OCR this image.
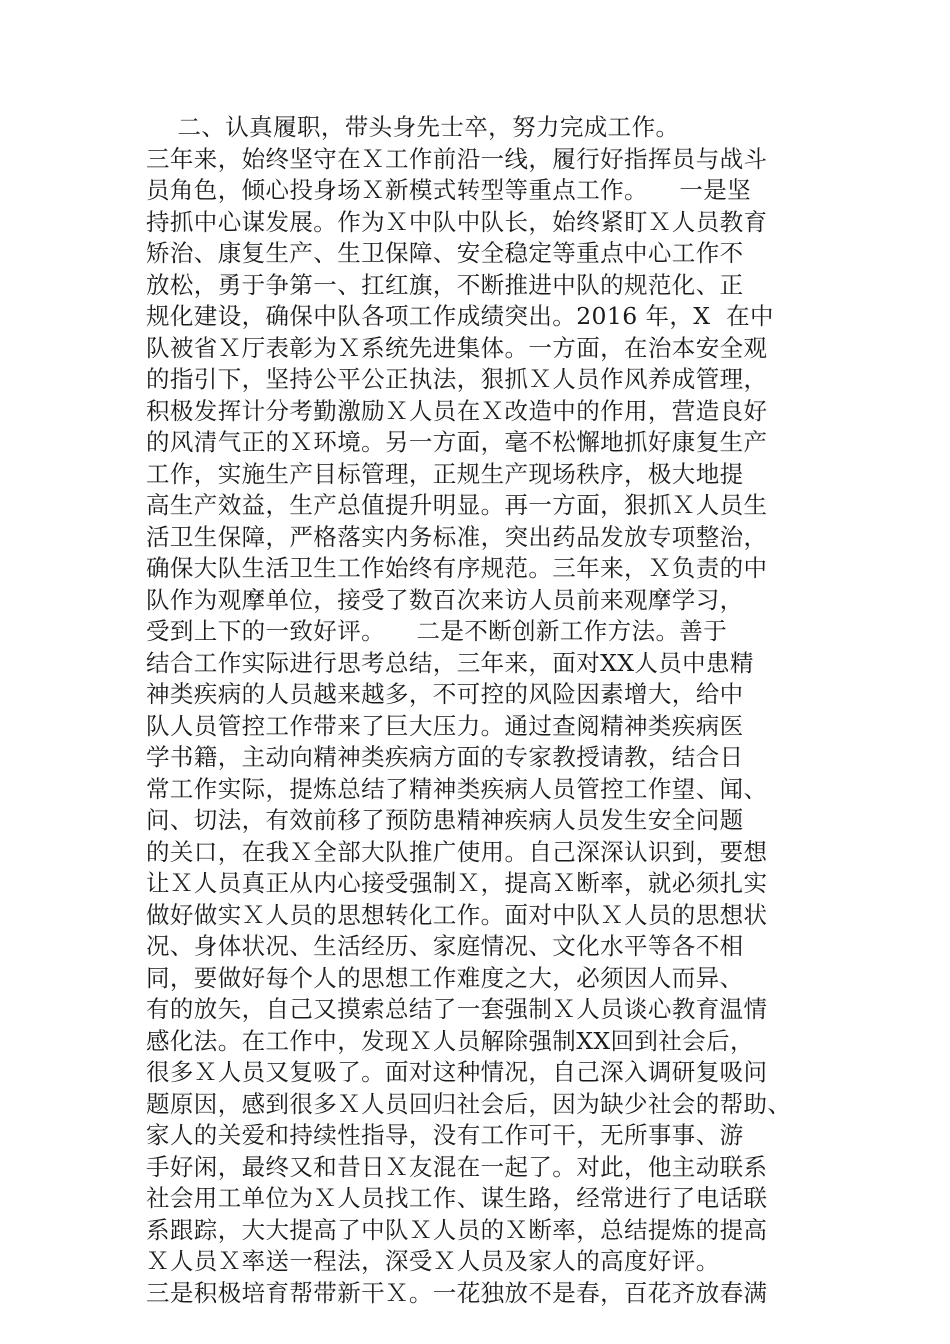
二、认真履职，带头身先士卒，努力完成工作。
三年来，始终坚守在Ｘ工作前沿一线，履行好指挥员与战斗
员角色，倾心投身场Ｘ新模式转型等重点工作。    一是坚
持抓中心谋发展。作为Ｘ中队中队长，始终紧盯Ｘ人员教育
矫治、康复生产、生卫保障、安全稳定等重点中心工作不
放松，勇于争第一、扛红旗，不断推进中队的规范化、正
规化建设，确保中队各项工作成绩突出。2016 年，X  在中
队被省Ｘ厅表彰为Ｘ系统先进集体。一方面，在治本安全观
的指引下，坚持公平公正执法，狠抓Ｘ人员作风养成管理，
积极发挥计分考勤激励Ｘ人员在Ｘ改造中的作用，营造良好
的风清气正的Ｘ环境。另一方面，毫不松懈地抓好康复生产
工作，实施生产目标管理，正规生产现场秩序，极大地提
高生产效益，生产总值提升明显。再一方面，狠抓Ｘ人员生
活卫生保障，严格落实内务标准，突出药品发放专项整治，
确保大队生活卫生工作始终有序规范。三年来，Ｘ负责的中
队作为观摩单位，接受了数百次来访人员前来观摩学习，
受到上下的一致好评。    二是不断创新工作方法。善于
结合工作实际进行思考总结，三年来，面对XX人员中患精
神类疾病的人员越来越多，不可控的风险因素增大，给中
队人员管控工作带来了巨大压力。通过查阅精神类疾病医
学书籍，主动向精神类疾病方面的专家教授请教，结合日
常工作实际，提炼总结了精神类疾病人员管控工作望、闻、
问、切法，有效前移了预防患精神疾病人员发生安全问题
的关口，在我Ｘ全部大队推广使用。自己深深认识到，要想
让Ｘ人员真正从内心接受强制Ｘ，提高Ｘ断率，就必须扎实
做好做实Ｘ人员的思想转化工作。面对中队Ｘ人员的思想状
况、身体状况、生活经历、家庭情况、文化水平等各不相
同，要做好每个人的思想工作难度之大，必须因人而异、
有的放矢，自己又摸索总结了一套强制Ｘ人员谈心教育温情
感化法。在工作中，发现Ｘ人员解除强制XX回到社会后，
很多Ｘ人员又复吸了。面对这种情况，自己深入调研复吸问
题原因，感到很多Ｘ人员回归社会后，因为缺少社会的帮助、
家人的关爱和持续性指导，没有工作可干，无所事事、游
手好闲，最终又和昔日Ｘ友混在一起了。对此，他主动联系
社会用工单位为Ｘ人员找工作、谋生路，经常进行了电话联
系跟踪，大大提高了中队Ｘ人员的Ｘ断率，总结提炼的提高
Ｘ人员Ｘ率送一程法，深受Ｘ人员及家人的高度好评。
三是积极培育帮带新干Ｘ。一花独放不是春，百花齐放春满
